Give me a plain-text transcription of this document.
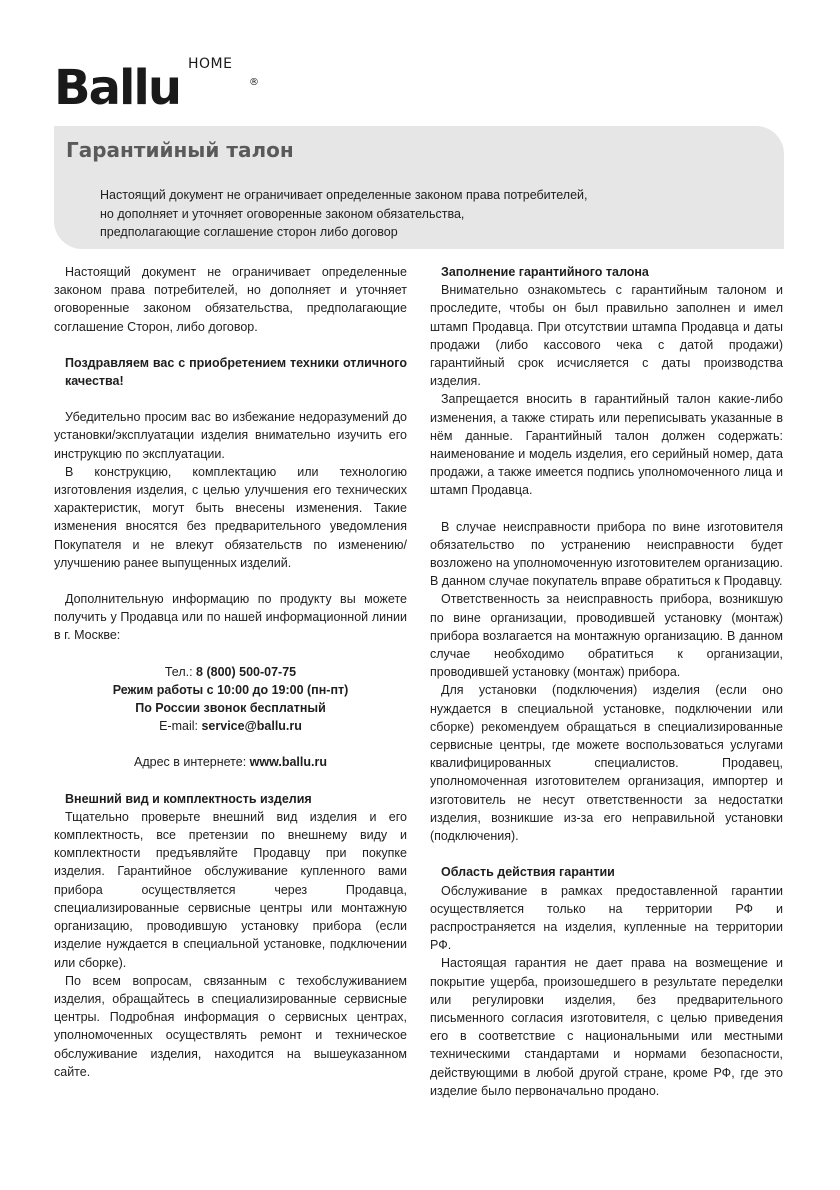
Ballu HOME
®
Гарантийный талон
Настоящий документ не ограничивает определенные законом права потребителей,
но дополняет и уточняет оговоренные законом обязательства,
предполагающие соглашение сторон либо договор

Настоящий документ не ограничивает определенные законом права потребителей, но дополняет и уточняет оговоренные законом обязательства, предполагающие соглашение Сторон, либо договор.

Поздравляем вас с приобретением техники отличного качества!

Убедительно просим вас во избежание недоразумений до установки/эксплуатации изделия внимательно изучить его инструкцию по эксплуатации.

В конструкцию, комплектацию или технологию изготовления изделия, с целью улучшения его технических характеристик, могут быть внесены изменения. Такие изменения вносятся без предварительного уведомления Покупателя и не влекут обязательств по изменению/улучшению ранее выпущенных изделий.

Дополнительную информацию по продукту вы можете получить у Продавца или по нашей информационной линии в г. Москве:

Тел.: 8 (800) 500-07-75
Режим работы с 10:00 до 19:00 (пн-пт)
По России звонок бесплатный
E-mail: service@ballu.ru
Адрес в интернете: www.ballu.ru
Внешний вид и комплектность изделия

Тщательно проверьте внешний вид изделия и его комплектность, все претензии по внешнему виду и комплектности предъявляйте Продавцу при покупке изделия. Гарантийное обслуживание купленного вами прибора осуществляется через Продавца, специализированные сервисные центры или монтажную организацию, проводившую установку прибора (если изделие нуждается в специальной установке, подключении или сборке).

По всем вопросам, связанным с техобслуживанием изделия, обращайтесь в специализированные сервисные центры. Подробная информация о сервисных центрах, уполномоченных осуществлять ремонт и техническое обслуживание изделия, находится на вышеуказанном сайте.

Заполнение гарантийного талона

Внимательно ознакомьтесь с гарантийным талоном и проследите, чтобы он был правильно заполнен и имел штамп Продавца. При отсутствии штампа Продавца и даты продажи (либо кассового чека с датой продажи) гарантийный срок исчисляется с даты производства изделия.

Запрещается вносить в гарантийный талон какие-либо изменения, а также стирать или переписывать указанные в нём данные. Гарантийный талон должен содержать: наименование и модель изделия, его серийный номер, дата продажи, а также имеется подпись уполномоченного лица и штамп Продавца.

В случае неисправности прибора по вине изготовителя обязательство по устранению неисправности будет возложено на уполномоченную изготовителем организацию. В данном случае покупатель вправе обратиться к Продавцу.

Ответственность за неисправность прибора, возникшую по вине организации, проводившей установку (монтаж) прибора возлагается на монтажную организацию. В данном случае необходимо обратиться к организации, проводившей установку (монтаж) прибора.

Для установки (подключения) изделия (если оно нуждается в специальной установке, подключении или сборке) рекомендуем обращаться в специализированные сервисные центры, где можете воспользоваться услугами квалифицированных специалистов. Продавец, уполномоченная изготовителем организация, импортер и изготовитель не несут ответственности за недостатки изделия, возникшие из-за его неправильной установки (подключения).

Область действия гарантии

Обслуживание в рамках предоставленной гарантии осуществляется только на территории РФ и распространяется на изделия, купленные на территории РФ.

Настоящая гарантия не дает права на возмещение и покрытие ущерба, произошедшего в результате переделки или регулировки изделия, без предварительного письменного согласия изготовителя, с целью приведения его в соответствие с национальными или местными техническими стандартами и нормами безопасности, действующими в любой другой стране, кроме РФ, где это изделие было первоначально продано.
